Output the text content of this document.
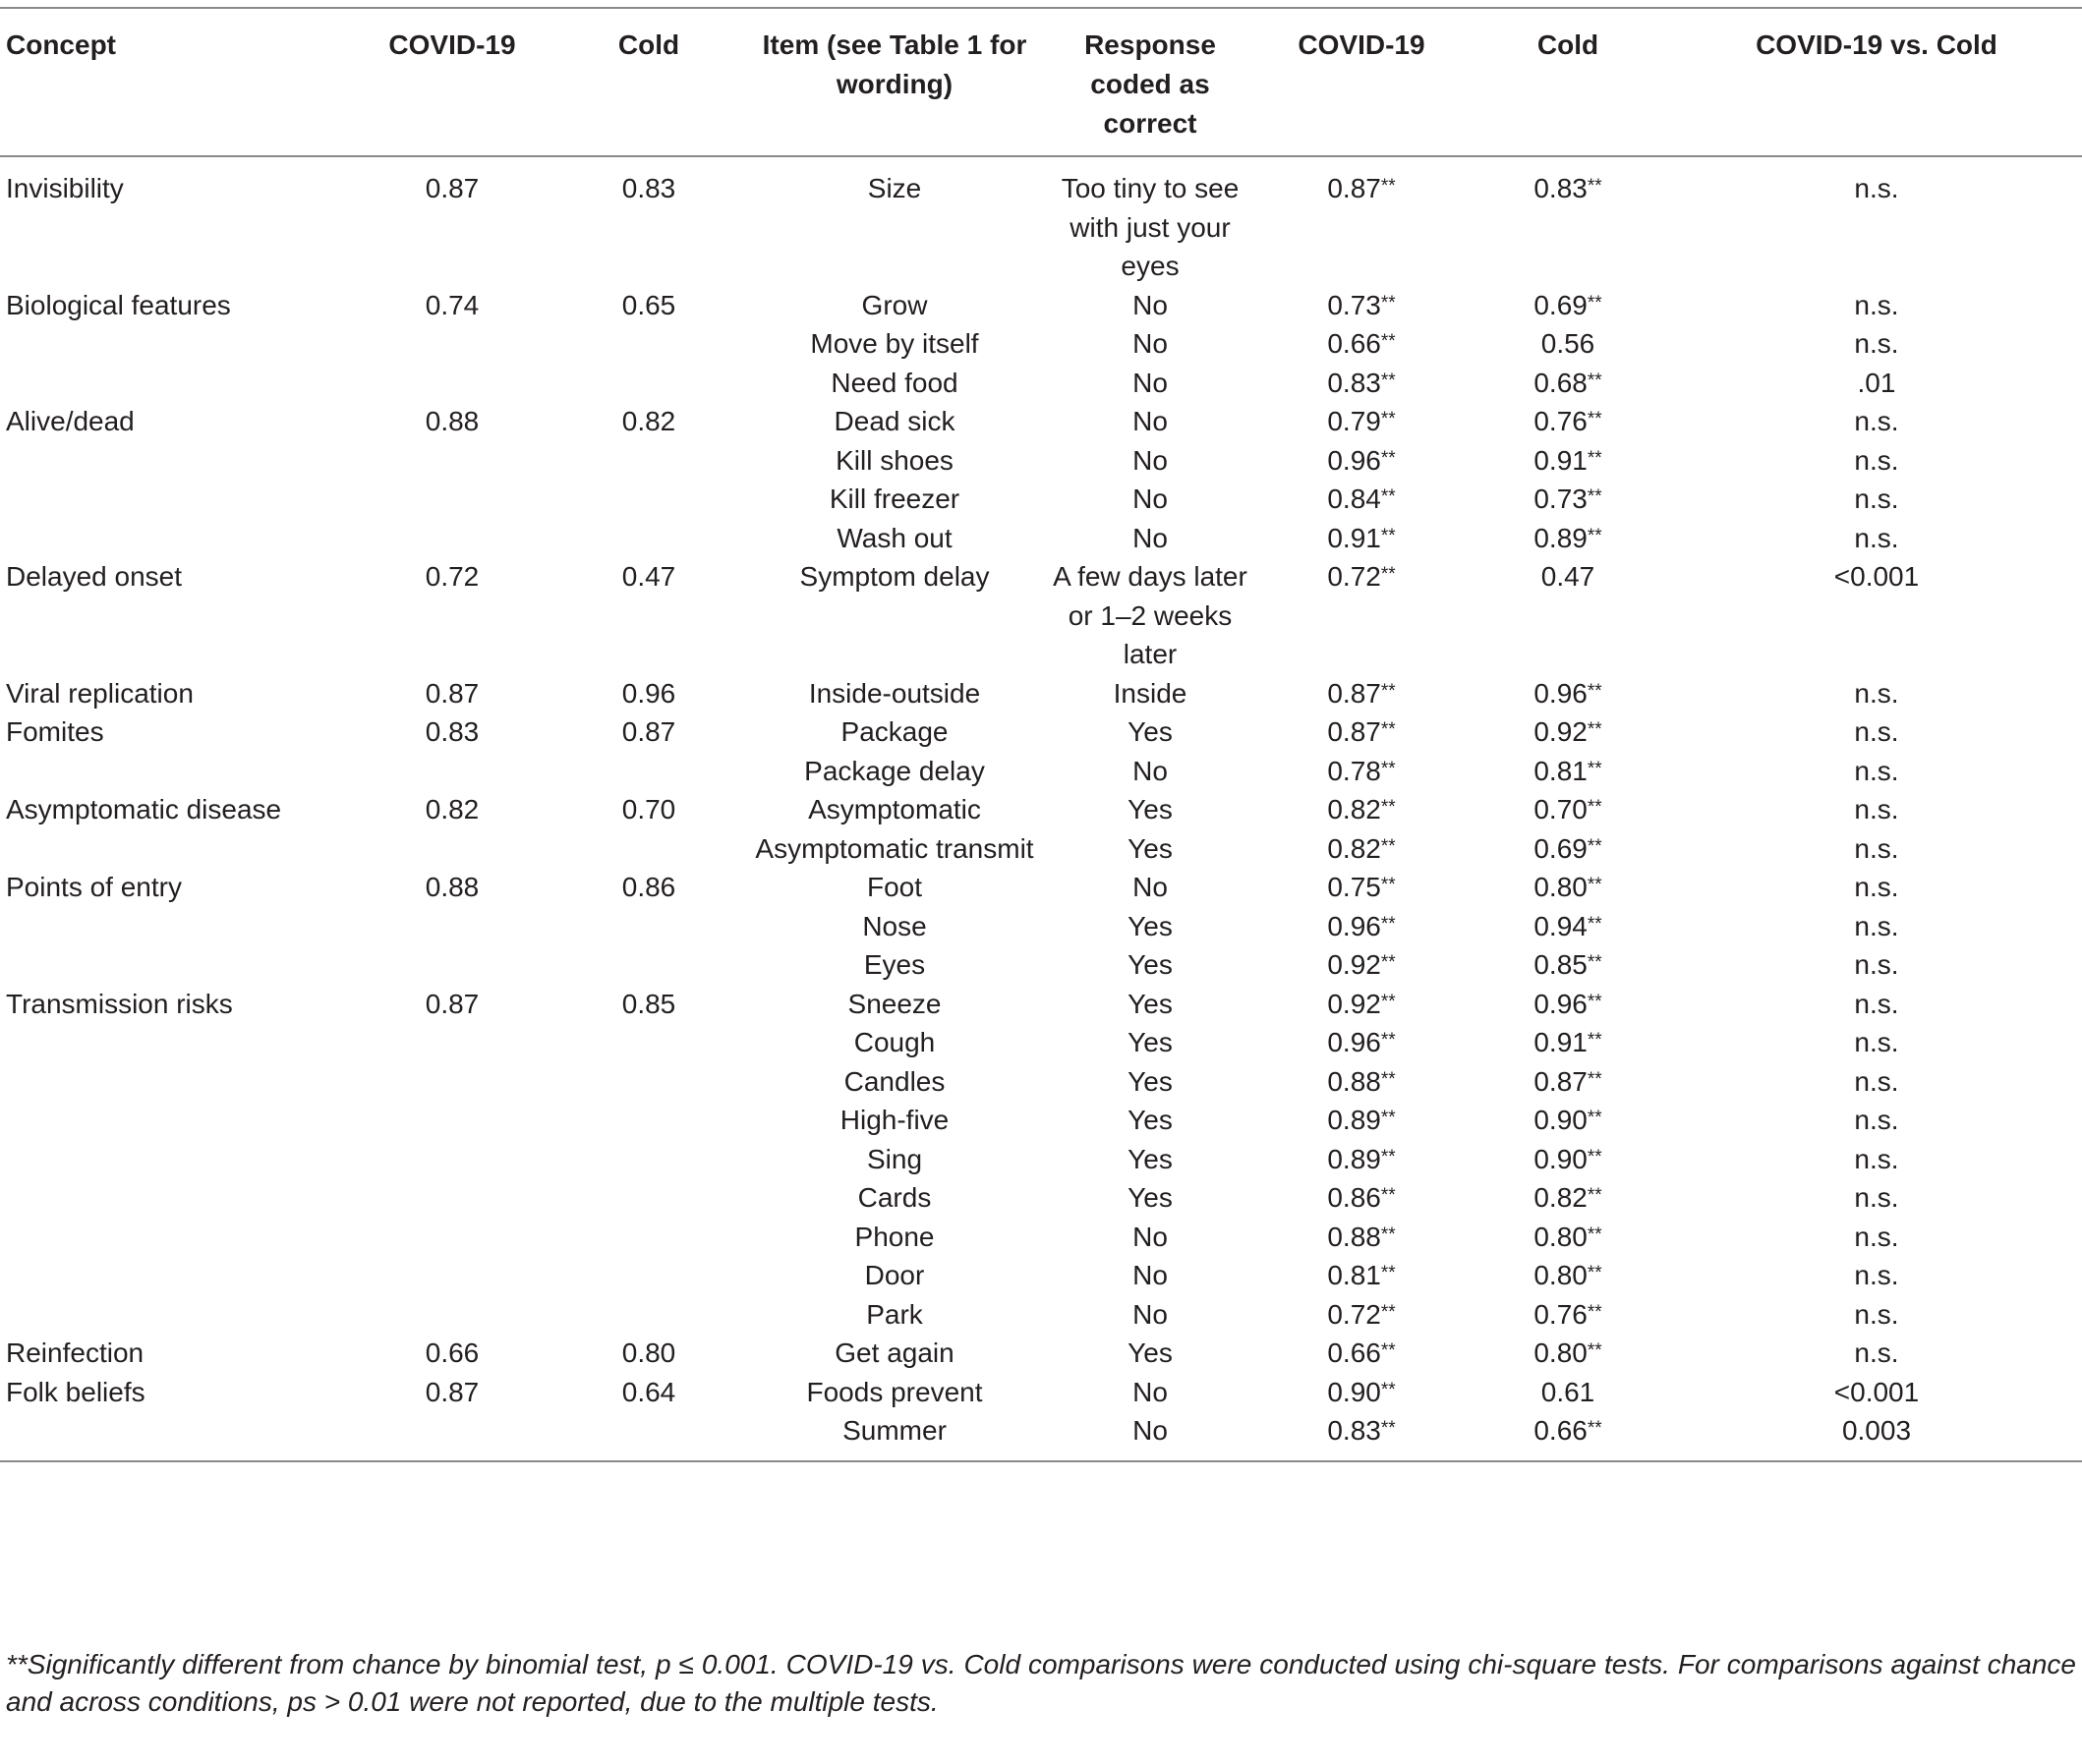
Concept	COVID-19	Cold	Item (see Table 1 for wording)	Response coded as correct	COVID-19	Cold	COVID-19 vs. Cold
Invisibility	0.87	0.83	Size	Too tiny to see with just your eyes	0.87**	0.83**	n.s.
Biological features	0.74	0.65	Grow	No	0.73**	0.69**	n.s.
			Move by itself	No	0.66**	0.56	n.s.
			Need food	No	0.83**	0.68**	.01
Alive/dead	0.88	0.82	Dead sick	No	0.79**	0.76**	n.s.
			Kill shoes	No	0.96**	0.91**	n.s.
			Kill freezer	No	0.84**	0.73**	n.s.
			Wash out	No	0.91**	0.89**	n.s.
Delayed onset	0.72	0.47	Symptom delay	A few days later or 1–2 weeks later	0.72**	0.47	<0.001
Viral replication	0.87	0.96	Inside-outside	Inside	0.87**	0.96**	n.s.
Fomites	0.83	0.87	Package	Yes	0.87**	0.92**	n.s.
			Package delay	No	0.78**	0.81**	n.s.
Asymptomatic disease	0.82	0.70	Asymptomatic	Yes	0.82**	0.70**	n.s.
			Asymptomatic transmit	Yes	0.82**	0.69**	n.s.
Points of entry	0.88	0.86	Foot	No	0.75**	0.80**	n.s.
			Nose	Yes	0.96**	0.94**	n.s.
			Eyes	Yes	0.92**	0.85**	n.s.
Transmission risks	0.87	0.85	Sneeze	Yes	0.92**	0.96**	n.s.
			Cough	Yes	0.96**	0.91**	n.s.
			Candles	Yes	0.88**	0.87**	n.s.
			High-five	Yes	0.89**	0.90**	n.s.
			Sing	Yes	0.89**	0.90**	n.s.
			Cards	Yes	0.86**	0.82**	n.s.
			Phone	No	0.88**	0.80**	n.s.
			Door	No	0.81**	0.80**	n.s.
			Park	No	0.72**	0.76**	n.s.
Reinfection	0.66	0.80	Get again	Yes	0.66**	0.80**	n.s.
Folk beliefs	0.87	0.64	Foods prevent	No	0.90**	0.61	<0.001
			Summer	No	0.83**	0.66**	0.003
**Significantly different from chance by binomial test, p ≤ 0.001. COVID-19 vs. Cold comparisons were conducted using chi-square tests. For comparisons against chance and across conditions, ps > 0.01 were not reported, due to the multiple tests.
